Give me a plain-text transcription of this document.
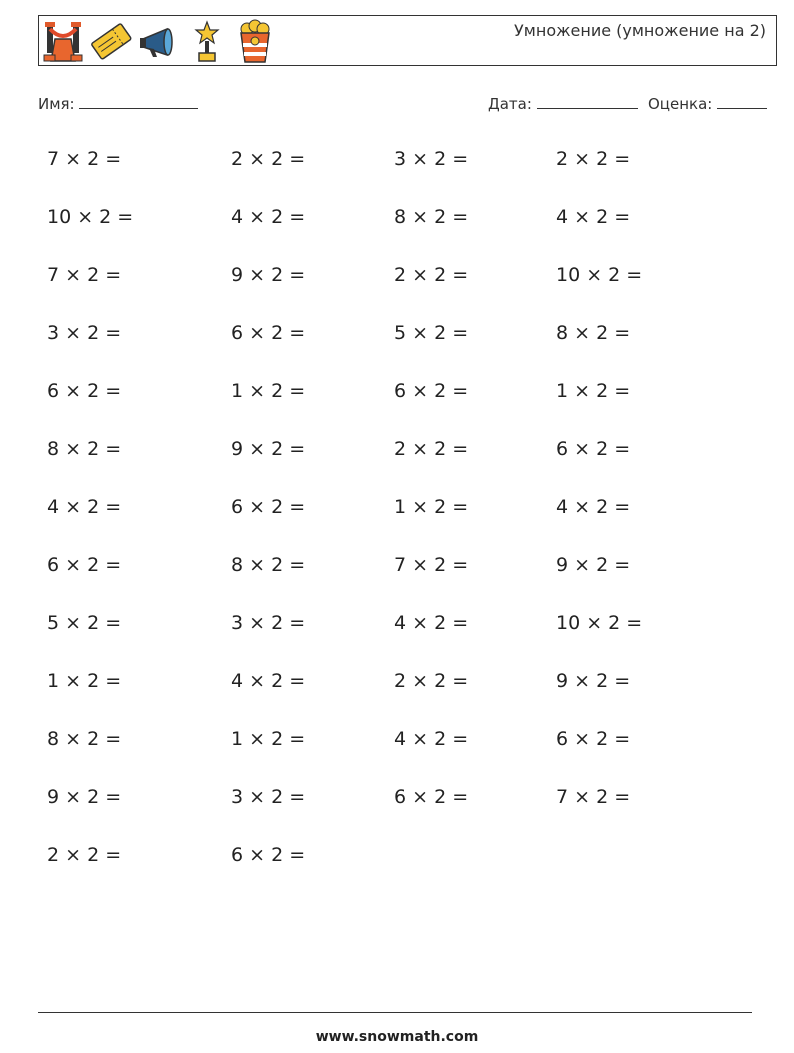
Умножение (умножение на 2)
Имя:	Дата:	Оценка:
7 × 2 =	2 × 2 =	3 × 2 =	2 × 2 =
10 × 2 =	4 × 2 =	8 × 2 =	4 × 2 =
7 × 2 =	9 × 2 =	2 × 2 =	10 × 2 =
3 × 2 =	6 × 2 =	5 × 2 =	8 × 2 =
6 × 2 =	1 × 2 =	6 × 2 =	1 × 2 =
8 × 2 =	9 × 2 =	2 × 2 =	6 × 2 =
4 × 2 =	6 × 2 =	1 × 2 =	4 × 2 =
6 × 2 =	8 × 2 =	7 × 2 =	9 × 2 =
5 × 2 =	3 × 2 =	4 × 2 =	10 × 2 =
1 × 2 =	4 × 2 =	2 × 2 =	9 × 2 =
8 × 2 =	1 × 2 =	4 × 2 =	6 × 2 =
9 × 2 =	3 × 2 =	6 × 2 =	7 × 2 =
2 × 2 =	6 × 2 =
www.snowmath.com
